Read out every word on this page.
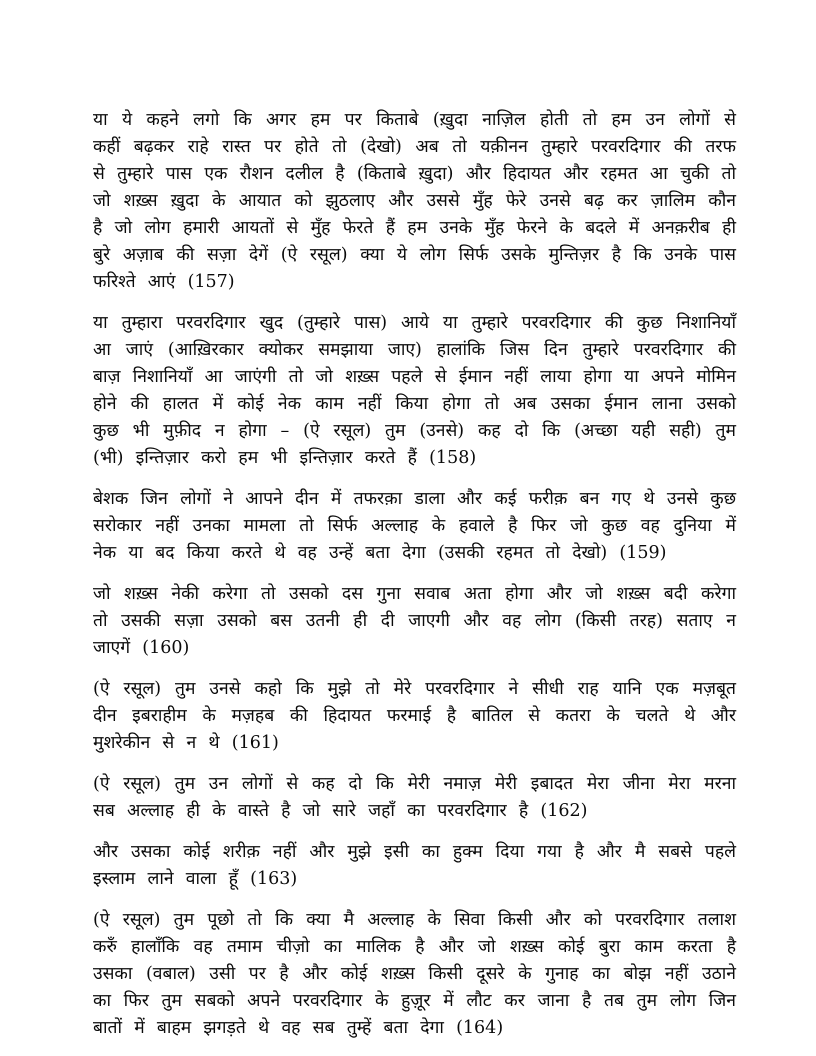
या ये कहने लगो कि अगर हम पर किताबे (ख़ुदा नाज़िल होती तो हम उन लोगों से कहीं बढ़कर राहे रास्त पर होते तो (देखो) अब तो यक़ीनन तुम्हारे परवरदिगार की तरफ से तुम्हारे पास एक रौशन दलील है (किताबे ख़ुदा) और हिदायत और रहमत आ चुकी तो जो शख़्स ख़ुदा के आयात को झुठलाए और उससे मुँह फेरे उनसे बढ़ कर ज़ालिम कौन है जो लोग हमारी आयतों से मुँह फेरते हैं हम उनके मुँह फेरने के बदले में अनक़रीब ही बुरे अज़ाब की सज़ा देगें (ऐ रसूल) क्या ये लोग सिर्फ उसके मुन्तिज़र है कि उनके पास फरिश्ते आएं (157)

या तुम्हारा परवरदिगार खुद (तुम्हारे पास) आये या तुम्हारे परवरदिगार की कुछ निशानियाँ आ जाएं (आख़िरकार क्योकर समझाया जाए) हालांकि जिस दिन तुम्हारे परवरदिगार की बाज़ निशानियाँ आ जाएंगी तो जो शख़्स पहले से ईमान नहीं लाया होगा या अपने मोमिन होने की हालत में कोई नेक काम नहीं किया होगा तो अब उसका ईमान लाना उसको कुछ भी मुफ़ीद न होगा – (ऐ रसूल) तुम (उनसे) कह दो कि (अच्छा यही सही) तुम (भी) इन्तिज़ार करो हम भी इन्तिज़ार करते हैं (158)

बेशक जिन लोगों ने आपने दीन में तफरक़ा डाला और कई फरीक़ बन गए थे उनसे कुछ सरोकार नहीं उनका मामला तो सिर्फ अल्लाह के हवाले है फिर जो कुछ वह दुनिया में नेक या बद किया करते थे वह उन्हें बता देगा (उसकी रहमत तो देखो) (159)

जो शख़्स नेकी करेगा तो उसको दस गुना सवाब अता होगा और जो शख़्स बदी करेगा तो उसकी सज़ा उसको बस उतनी ही दी जाएगी और वह लोग (किसी तरह) सताए न जाएगें (160)

(ऐ रसूल) तुम उनसे कहो कि मुझे तो मेरे परवरदिगार ने सीधी राह यानि एक मज़बूत दीन इबराहीम के मज़हब की हिदायत फरमाई है बातिल से कतरा के चलते थे और मुशरेकीन से न थे (161)

(ऐ रसूल) तुम उन लोगों से कह दो कि मेरी नमाज़ मेरी इबादत मेरा जीना मेरा मरना सब अल्लाह ही के वास्ते है जो सारे जहाँ का परवरदिगार है (162)

और उसका कोई शरीक़ नहीं और मुझे इसी का हुक्म दिया गया है और मै सबसे पहले इस्लाम लाने वाला हूँ (163)

(ऐ रसूल) तुम पूछो तो कि क्या मै अल्लाह के सिवा किसी और को परवरदिगार तलाश करुँ हालाँकि वह तमाम चीज़ो का मालिक है और जो शख़्स कोई बुरा काम करता है उसका (वबाल) उसी पर है और कोई शख़्स किसी दूसरे के गुनाह का बोझ नहीं उठाने का फिर तुम सबको अपने परवरदिगार के हुज़ूर में लौट कर जाना है तब तुम लोग जिन बातों में बाहम झगड़ते थे वह सब तुम्हें बता देगा (164)
